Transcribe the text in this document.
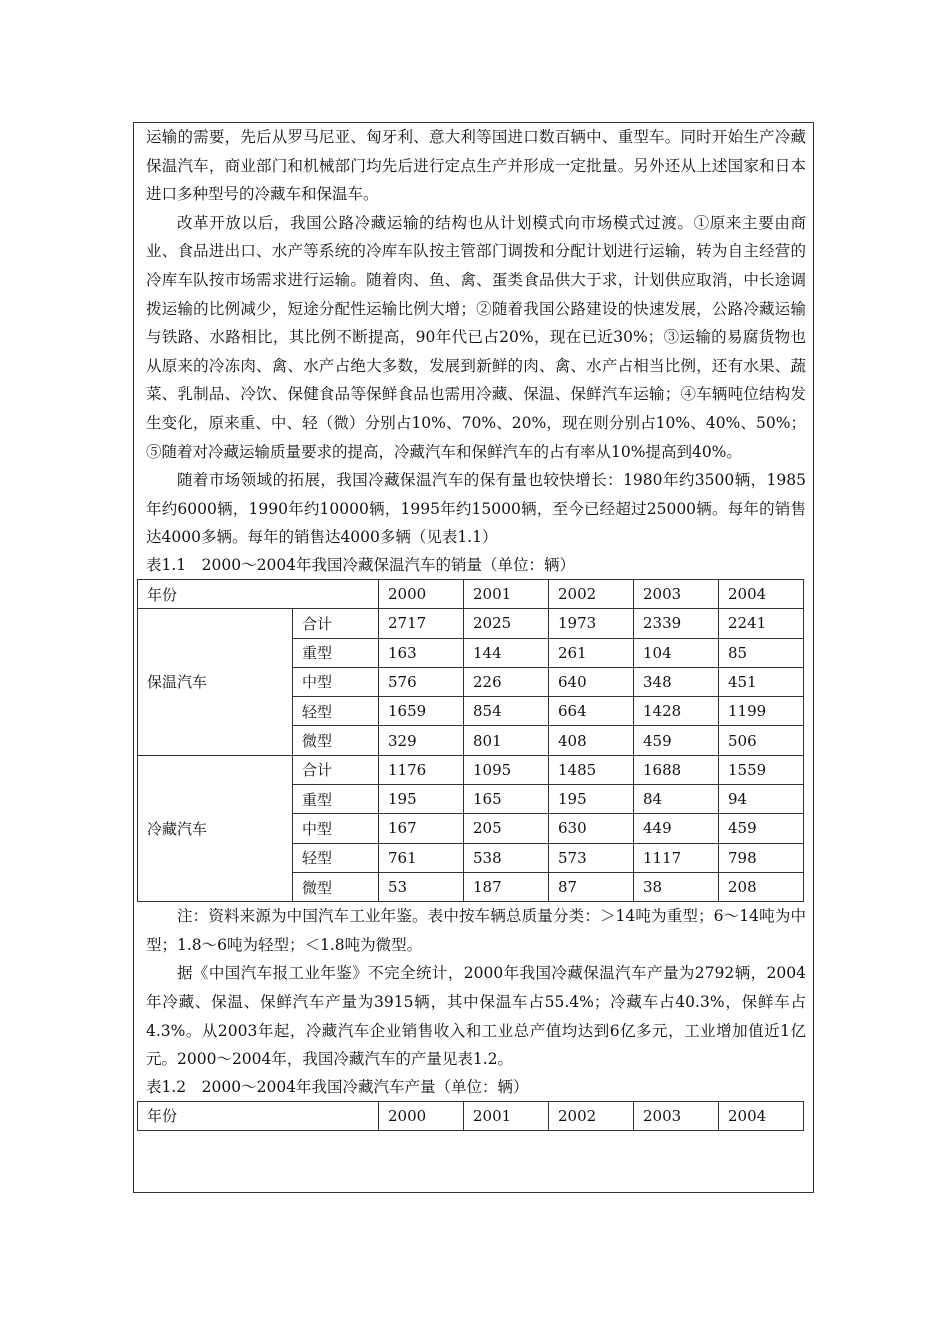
运输的需要，先后从罗马尼亚、匈牙利、意大利等国进口数百辆中、重型车。同时开始生产冷藏保温汽车，商业部门和机械部门均先后进行定点生产并形成一定批量。另外还从上述国家和日本进口多种型号的冷藏车和保温车。

改革开放以后，我国公路冷藏运输的结构也从计划模式向市场模式过渡。①原来主要由商业、食品进出口、水产等系统的冷库车队按主管部门调拨和分配计划进行运输，转为自主经营的冷库车队按市场需求进行运输。随着肉、鱼、禽、蛋类食品供大于求，计划供应取消，中长途调拨运输的比例减少，短途分配性运输比例大增；②随着我国公路建设的快速发展，公路冷藏运输与铁路、水路相比，其比例不断提高，90年代已占20%，现在已近30%；③运输的易腐货物也从原来的冷冻肉、禽、水产占绝大多数，发展到新鲜的肉、禽、水产占相当比例，还有水果、蔬菜、乳制品、冷饮、保健食品等保鲜食品也需用冷藏、保温、保鲜汽车运输；④车辆吨位结构发生变化，原来重、中、轻（微）分别占10%、70%、20%，现在则分别占10%、40%、50%；⑤随着对冷藏运输质量要求的提高，冷藏汽车和保鲜汽车的占有率从10%提高到40%。

随着市场领域的拓展，我国冷藏保温汽车的保有量也较快增长：1980年约3500辆，1985年约6000辆，1990年约10000辆，1995年约15000辆，至今已经超过25000辆。每年的销售达4000多辆。每年的销售达4000多辆（见表1.1）

表1.1　2000～2004年我国冷藏保温汽车的销量（单位：辆）
年份		2000	2001	2002	2003	2004
保温汽车	合计	2717	2025	1973	2339	2241
	重型	163	144	261	104	85
	中型	576	226	640	348	451
	轻型	1659	854	664	1428	1199
	微型	329	801	408	459	506
冷藏汽车	合计	1176	1095	1485	1688	1559
	重型	195	165	195	84	94
	中型	167	205	630	449	459
	轻型	761	538	573	1117	798
	微型	53	187	87	38	208

注：资料来源为中国汽车工业年鉴。表中按车辆总质量分类：＞14吨为重型；6～14吨为中型；1.8～6吨为轻型；＜1.8吨为微型。

据《中国汽车报工业年鉴》不完全统计，2000年我国冷藏保温汽车产量为2792辆，2004年冷藏、保温、保鲜汽车产量为3915辆，其中保温车占55.4%；冷藏车占40.3%，保鲜车占4.3%。从2003年起，冷藏汽车企业销售收入和工业总产值均达到6亿多元，工业增加值近1亿元。2000～2004年，我国冷藏汽车的产量见表1.2。

表1.2　2000～2004年我国冷藏汽车产量（单位：辆）
年份	2000	2001	2002	2003	2004
